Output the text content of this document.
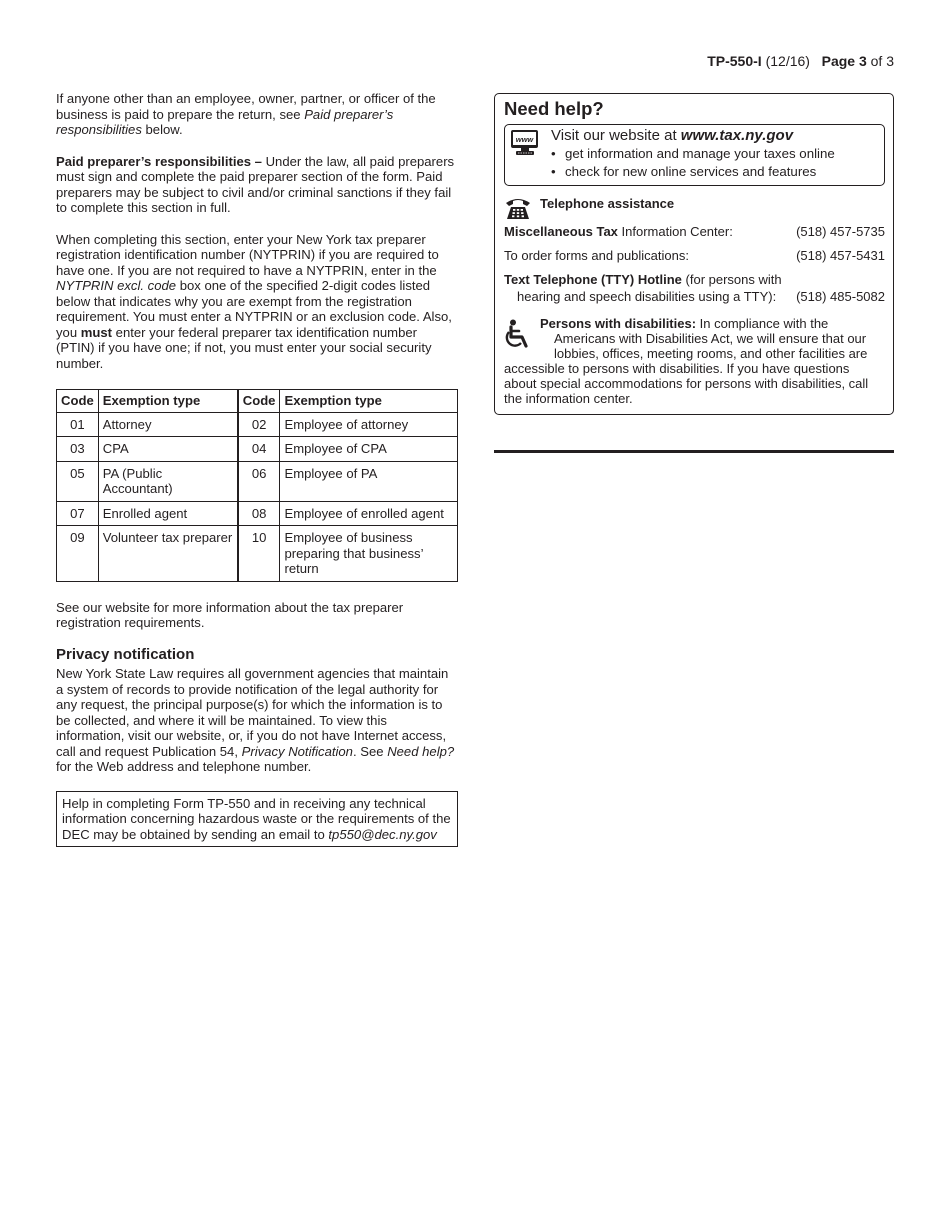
TP-550-I (12/16) Page 3 of 3

If anyone other than an employee, owner, partner, or officer of the business is paid to prepare the return, see Paid preparer’s responsibilities below.

Paid preparer’s responsibilities – Under the law, all paid preparers must sign and complete the paid preparer section of the form. Paid preparers may be subject to civil and/or criminal sanctions if they fail to complete this section in full.

When completing this section, enter your New York tax preparer registration identification number (NYTPRIN) if you are required to have one. If you are not required to have a NYTPRIN, enter in the NYTPRIN excl. code box one of the specified 2-digit codes listed below that indicates why you are exempt from the registration requirement. You must enter a NYTPRIN or an exclusion code. Also, you must enter your federal preparer tax identification number (PTIN) if you have one; if not, you must enter your social security number.

Code	Exemption type	Code	Exemption type
01	Attorney	02	Employee of attorney
03	CPA	04	Employee of CPA
05	PA (Public Accountant)	06	Employee of PA
07	Enrolled agent	08	Employee of enrolled agent
09	Volunteer tax preparer	10	Employee of business preparing that business’ return

See our website for more information about the tax preparer registration requirements.

Privacy notification

New York State Law requires all government agencies that maintain a system of records to provide notification of the legal authority for any request, the principal purpose(s) for which the information is to be collected, and where it will be maintained. To view this information, visit our website, or, if you do not have Internet access, call and request Publication 54, Privacy Notification. See Need help? for the Web address and telephone number.

Help in completing Form TP-550 and in receiving any technical information concerning hazardous waste or the requirements of the DEC may be obtained by sending an email to tp550@dec.ny.gov
Need help?
www Visit our website at www.tax.ny.gov
• get information and manage your taxes online
• check for new online services and features
Telephone assistance
Miscellaneous Tax Information Center:	(518) 457-5735
To order forms and publications:	(518) 457-5431
Text Telephone (TTY) Hotline (for persons with
hearing and speech disabilities using a TTY):	(518) 485-5082
Persons with disabilities: In compliance with the
Americans with Disabilities Act, we will ensure that our
lobbies, offices, meeting rooms, and other facilities are
accessible to persons with disabilities. If you have questions about special accommodations for persons with disabilities, call the information center.
